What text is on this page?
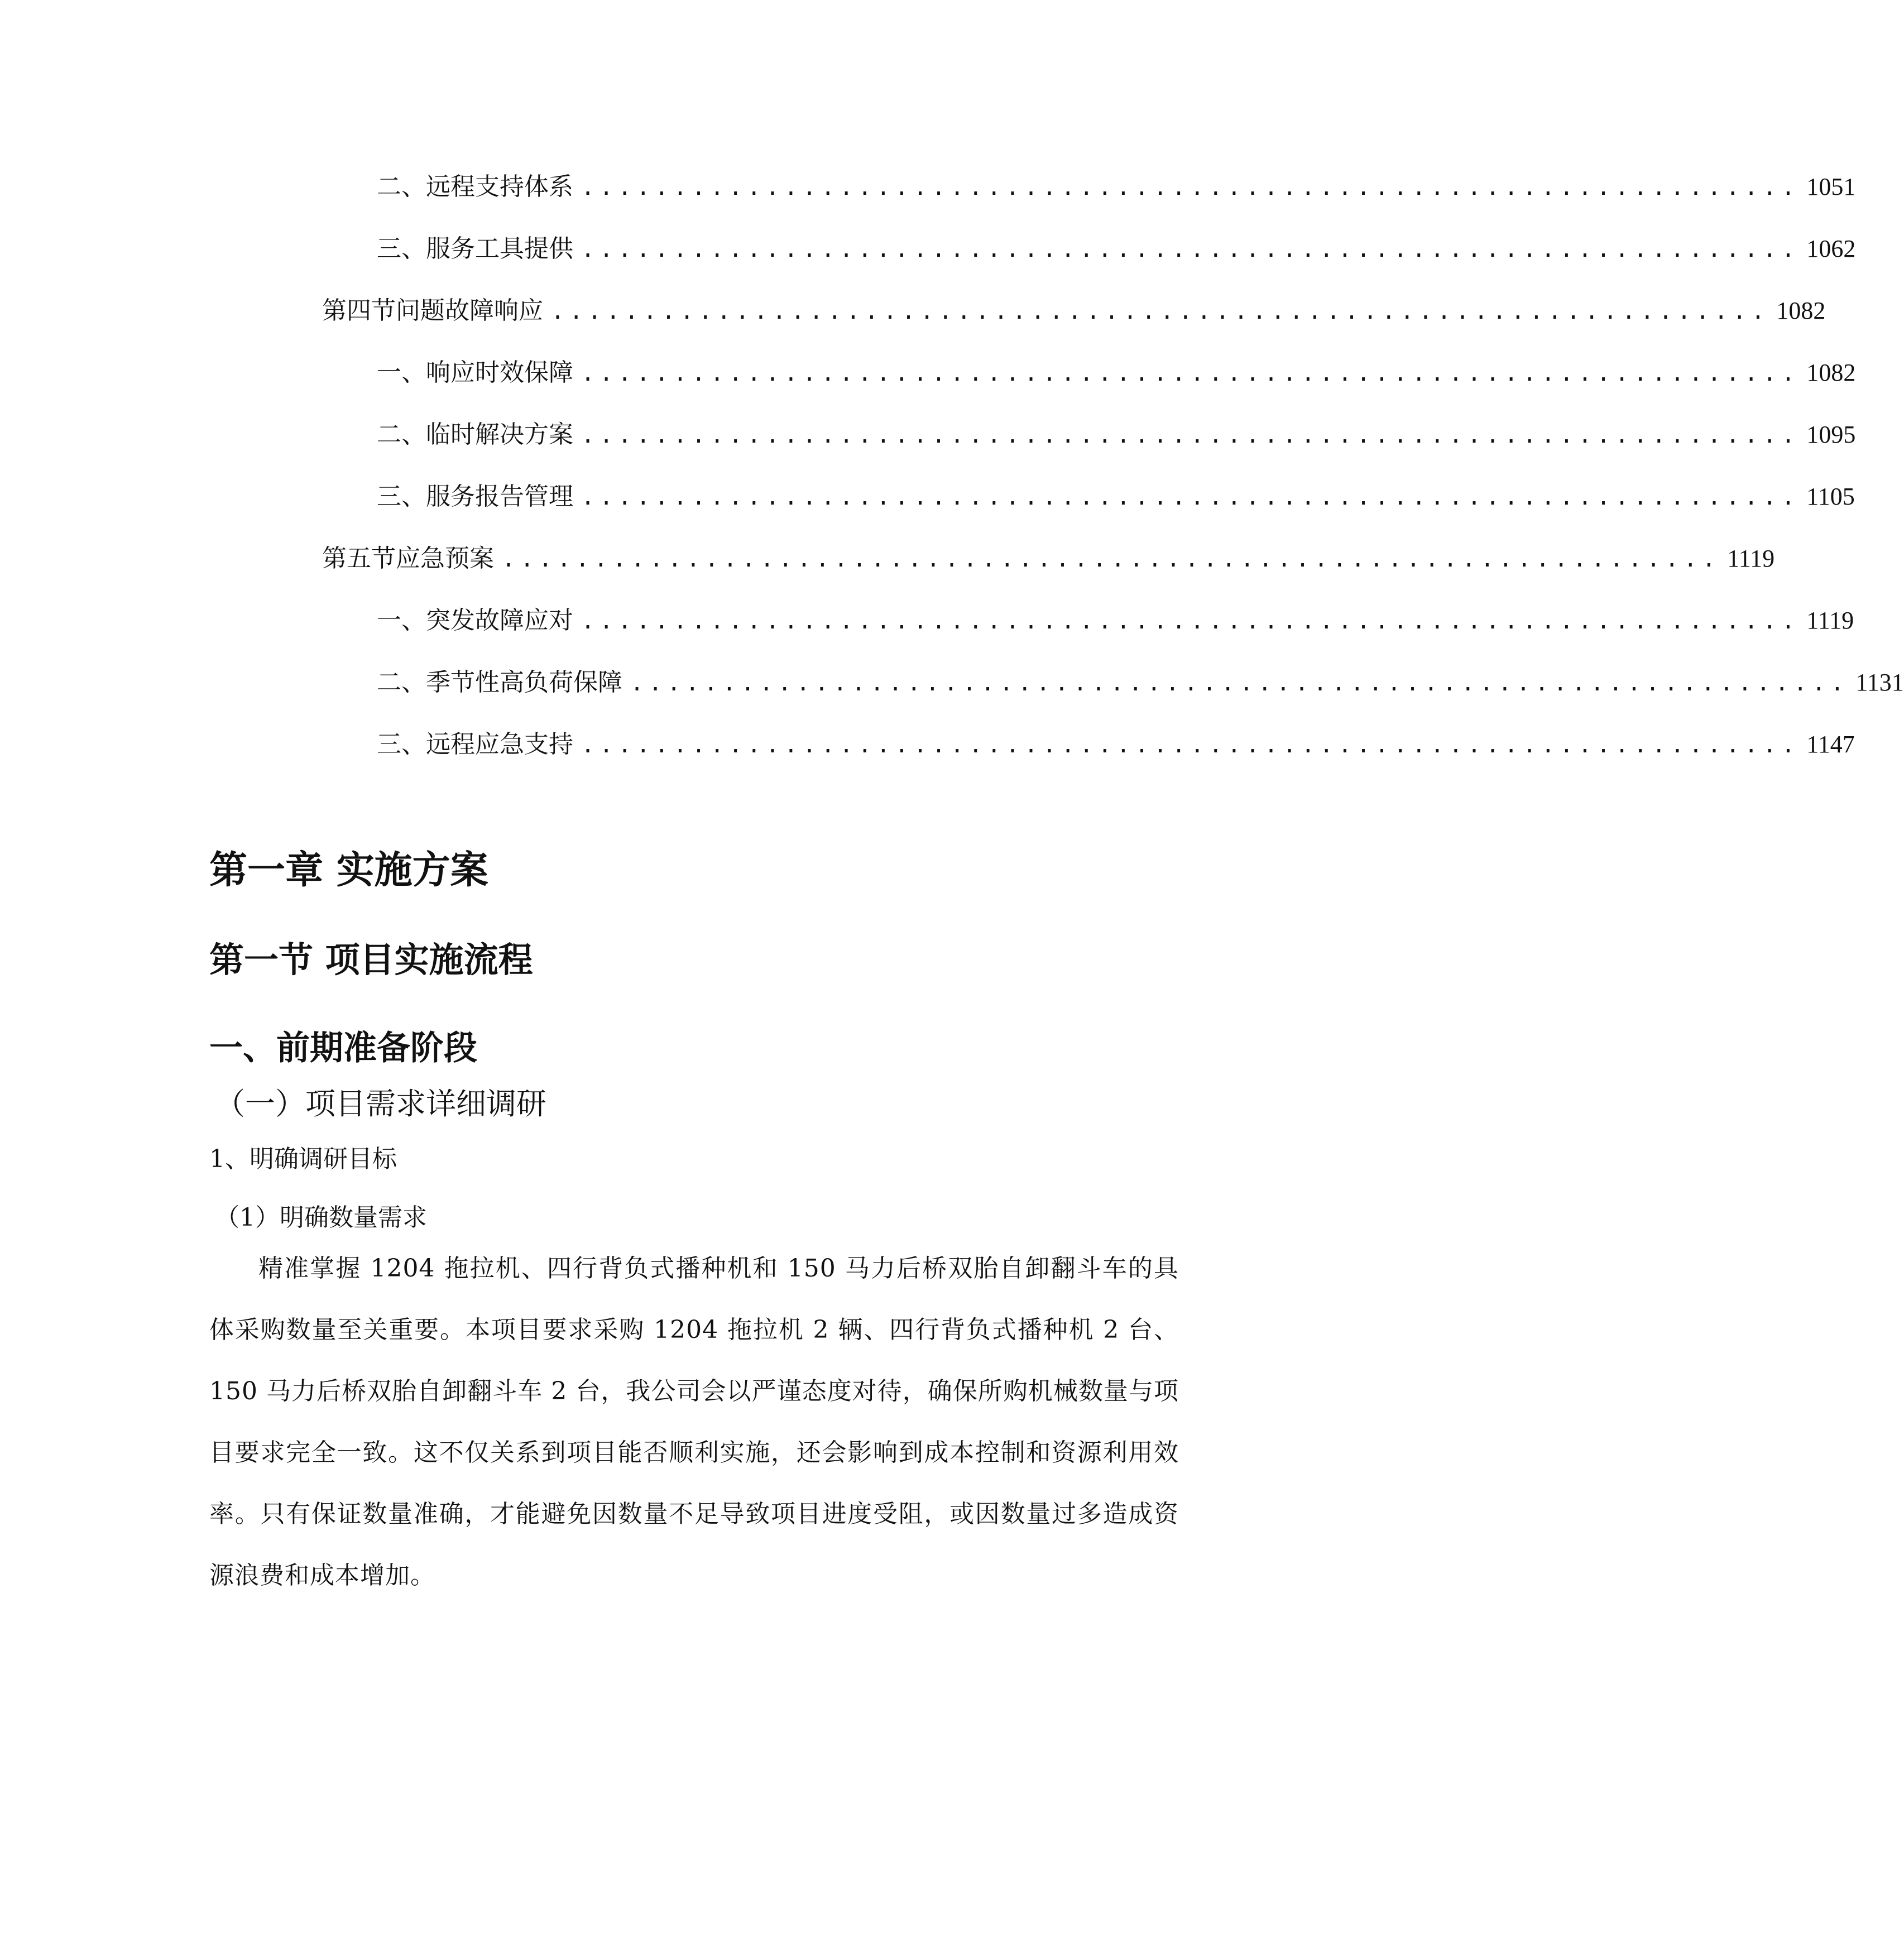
二、 远程支持体系 .................................................................. 1051
三、 服务工具提供 .................................................................. 1062
第四节 问题故障响应 .................................................................. 1082
一、 响应时效保障 .................................................................. 1082
二、 临时解决方案 .................................................................. 1095
三、 服务报告管理 .................................................................. 1105
第五节 应急预案 .................................................................. 1119
一、 突发故障应对 .................................................................. 1119
二、 季节性高负荷保障 .................................................................. 1131
三、 远程应急支持 .................................................................. 1147
第一章 实施方案
第一节 项目实施流程
一、前期准备阶段
（一）项目需求详细调研
1、明确调研目标
（1）明确数量需求
精准掌握 1204 拖拉机、四行背负式播种机和 150 马力后桥双胎自卸翻斗车的具体采购数量至关重要。本项目要求采购 1204 拖拉机 2 辆、四行背负式播种机 2 台、150 马力后桥双胎自卸翻斗车 2 台，我公司会以严谨态度对待，确保所购机械数量与项目要求完全一致。这不仅关系到项目能否顺利实施，还会影响到成本控制和资源利用效率。只有保证数量准确，才能避免因数量不足导致项目进度受阻，或因数量过多造成资源浪费和成本增加。
